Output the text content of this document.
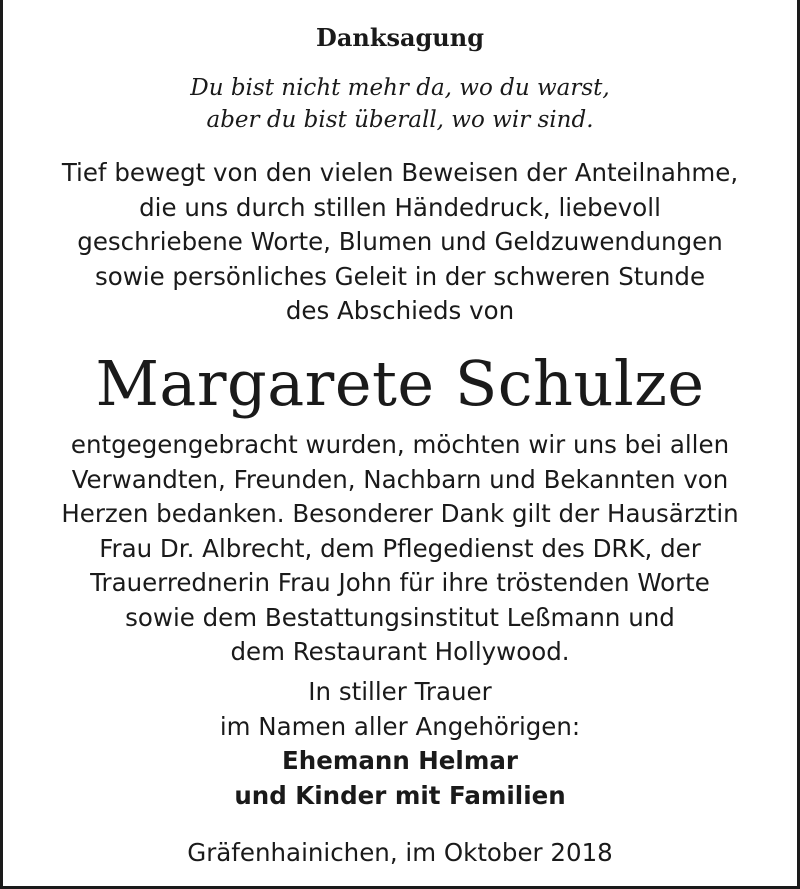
Danksagung
Du bist nicht mehr da, wo du warst,
aber du bist überall, wo wir sind.
Tief bewegt von den vielen Beweisen der Anteilnahme,
die uns durch stillen Händedruck, liebevoll
geschriebene Worte, Blumen und Geldzuwendungen
sowie persönliches Geleit in der schweren Stunde
des Abschieds von
Margarete Schulze
entgegengebracht wurden, möchten wir uns bei allen
Verwandten, Freunden, Nachbarn und Bekannten von
Herzen bedanken. Besonderer Dank gilt der Hausärztin
Frau Dr. Albrecht, dem Pflegedienst des DRK, der
Trauerrednerin Frau John für ihre tröstenden Worte
sowie dem Bestattungsinstitut Leßmann und
dem Restaurant Hollywood.
In stiller Trauer
im Namen aller Angehörigen:
Ehemann Helmar
und Kinder mit Familien
Gräfenhainichen, im Oktober 2018
